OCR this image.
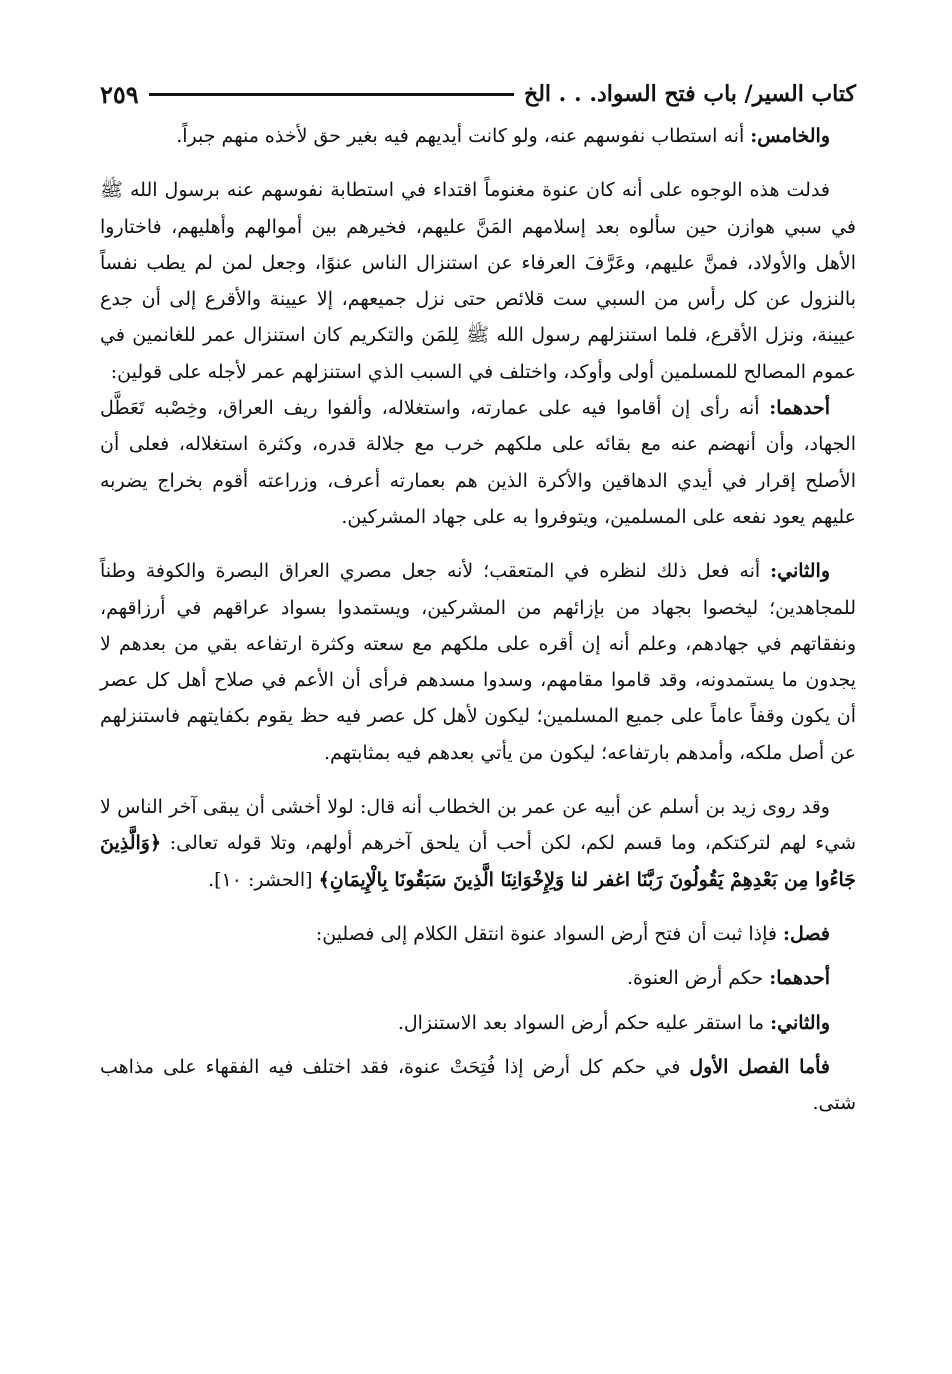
كتاب السير/ باب فتح السواد. . . الخ
٢٥٩

والخامس: أنه استطاب نفوسهم عنه، ولو كانت أيديهم فيه بغير حق لأخذه منهم جبراً.

فدلت هذه الوجوه على أنه كان عنوة مغنوماً اقتداء في استطابة نفوسهم عنه برسول الله ﷺ في سبي هوازن حين سألوه بعد إسلامهم المَنَّ عليهم، فخيرهم بين أموالهم وأهليهم، فاختاروا الأهل والأولاد، فمنَّ عليهم، وعَرَّفَ العرفاء عن استنزال الناس عنوًا، وجعل لمن لم يطب نفساً بالنزول عن كل رأس من السبي ست قلائص حتى نزل جميعهم، إلا عيينة والأقرع إلى أن جدع عيينة، ونزل الأقرع، فلما استنزلهم رسول الله ﷺ لِلمَن والتكريم كان استنزال عمر للغانمين في عموم المصالح للمسلمين أولى وأوكد، واختلف في السبب الذي استنزلهم عمر لأجله على قولين:

أحدهما: أنه رأى إن أقاموا فيه على عمارته، واستغلاله، وألفوا ريف العراق، وخِصْبه تَعَطَّل الجهاد، وأن أنهضم عنه مع بقائه على ملكهم خرب مع جلالة قدره، وكثرة استغلاله، فعلى أن الأصلح إقرار في أيدي الدهاقين والأكرة الذين هم بعمارته أعرف، وزراعته أقوم بخراج يضربه عليهم يعود نفعه على المسلمين، ويتوفروا به على جهاد المشركين.

والثاني: أنه فعل ذلك لنظره في المتعقب؛ لأنه جعل مصري العراق البصرة والكوفة وطناً للمجاهدين؛ ليخصوا بجهاد من بإزائهم من المشركين، ويستمدوا بسواد عراقهم في أرزاقهم، ونفقاتهم في جهادهم، وعلم أنه إن أقره على ملكهم مع سعته وكثرة ارتفاعه بقي من بعدهم لا يجدون ما يستمدونه، وقد قاموا مقامهم، وسدوا مسدهم فرأى أن الأعم في صلاح أهل كل عصر أن يكون وقفاً عاماً على جميع المسلمين؛ ليكون لأهل كل عصر فيه حظ يقوم بكفايتهم فاستنزلهم عن أصل ملكه، وأمدهم بارتفاعه؛ ليكون من يأتي بعدهم فيه بمثابتهم.

وقد روى زيد بن أسلم عن أبيه عن عمر بن الخطاب أنه قال: لولا أخشى أن يبقى آخر الناس لا شيء لهم لتركتكم، وما قسم لكم، لكن أحب أن يلحق آخرهم أولهم، وتلا قوله تعالى: ﴿وَالَّذِينَ جَاءُوا مِن بَعْدِهِمْ يَقُولُونَ رَبَّنَا اغفر لنا وَلِإِخْوَانِنَا الَّذِينَ سَبَقُونَا بِالْإِيمَانِ﴾ [الحشر: ١٠].

فصل: فإذا ثبت أن فتح أرض السواد عنوة انتقل الكلام إلى فصلين:

أحدهما: حكم أرض العنوة.

والثاني: ما استقر عليه حكم أرض السواد بعد الاستنزال.

فأما الفصل الأول في حكم كل أرض إذا فُتِحَتْ عنوة، فقد اختلف فيه الفقهاء على مذاهب شتى.
